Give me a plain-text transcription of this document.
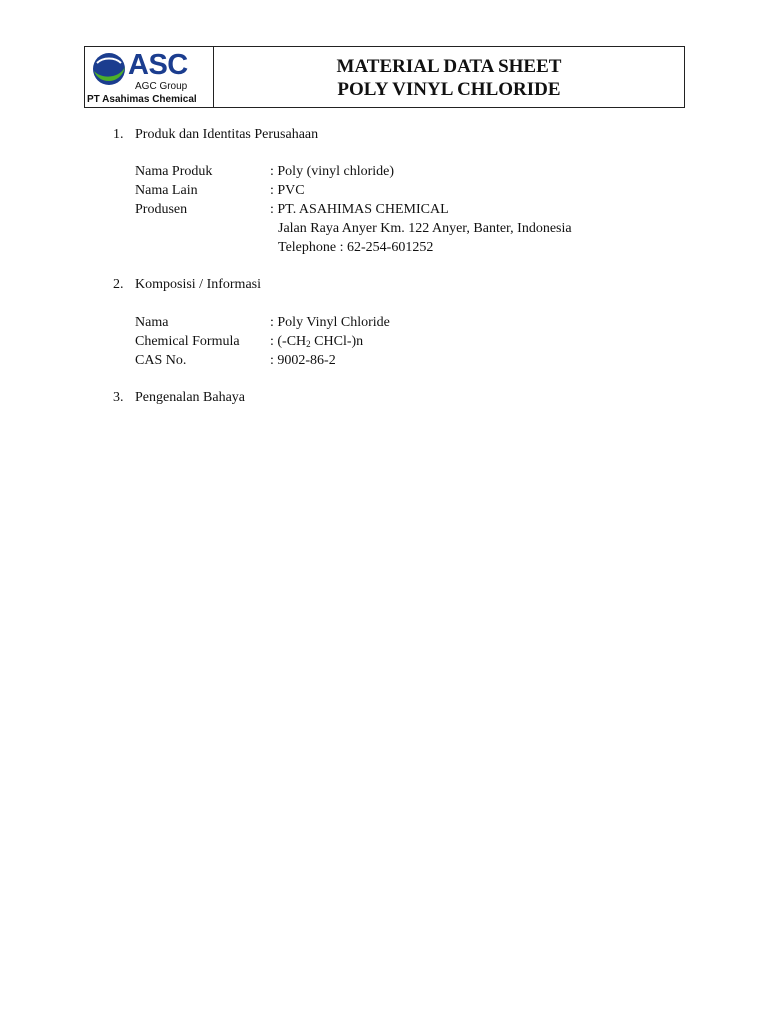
ASC
AGC Group
PT Asahimas Chemical
MATERIAL DATA SHEET
POLY VINYL CHLORIDE
1. Produk dan Identitas Perusahaan
Nama Produk	: Poly (vinyl chloride)
Nama Lain	: PVC
Produsen	: PT. ASAHIMAS CHEMICAL
Jalan Raya Anyer Km. 122 Anyer, Banter, Indonesia
Telephone : 62-254-601252
2. Komposisi / Informasi
Nama	: Poly Vinyl Chloride
Chemical Formula : ($-CH_2$ CHCl-)n
CAS No.	: 9002-86-2
3. Pengenalan Bahaya
